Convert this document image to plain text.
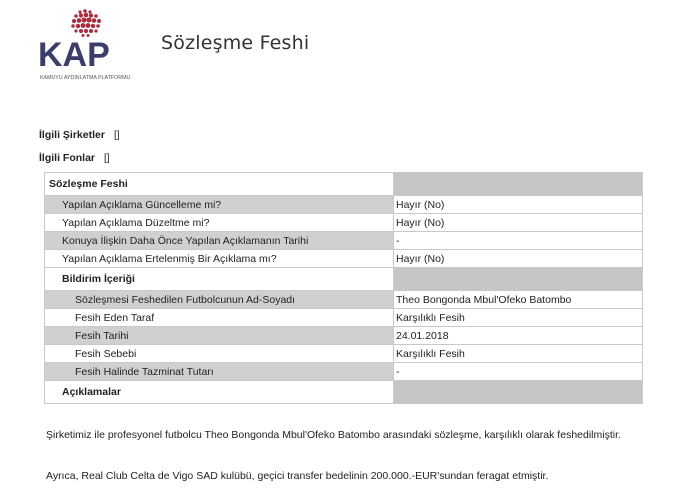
KAP
KAMUYU AYDINLATMA PLATFORMU
Sözleşme Feshi
İlgili Şirketler []
İlgili Fonlar []
Sözleşme Feshi	
Yapılan Açıklama Güncelleme mi?	Hayır (No)
Yapılan Açıklama Düzeltme mi?	Hayır (No)
Konuya İlişkin Daha Önce Yapılan Açıklamanın Tarihi	-
Yapılan Açıklama Ertelenmiş Bir Açıklama mı?	Hayır (No)
Bildirim İçeriği	
Sözleşmesi Feshedilen Futbolcunun Ad-Soyadı	Theo Bongonda Mbul'Ofeko Batombo
Fesih Eden Taraf	Karşılıklı Fesih
Fesih Tarihi	24.01.2018
Fesih Sebebi	Karşılıklı Fesih
Fesih Halinde Tazminat Tutarı	-
Açıklamalar	
Şirketimiz ile profesyonel futbolcu Theo Bongonda Mbul'Ofeko Batombo arasındaki sözleşme, karşılıklı olarak feshedilmiştir.
Ayrıca, Real Club Celta de Vigo SAD kulübü, geçici transfer bedelinin 200.000.-EUR'sundan feragat etmiştir.
